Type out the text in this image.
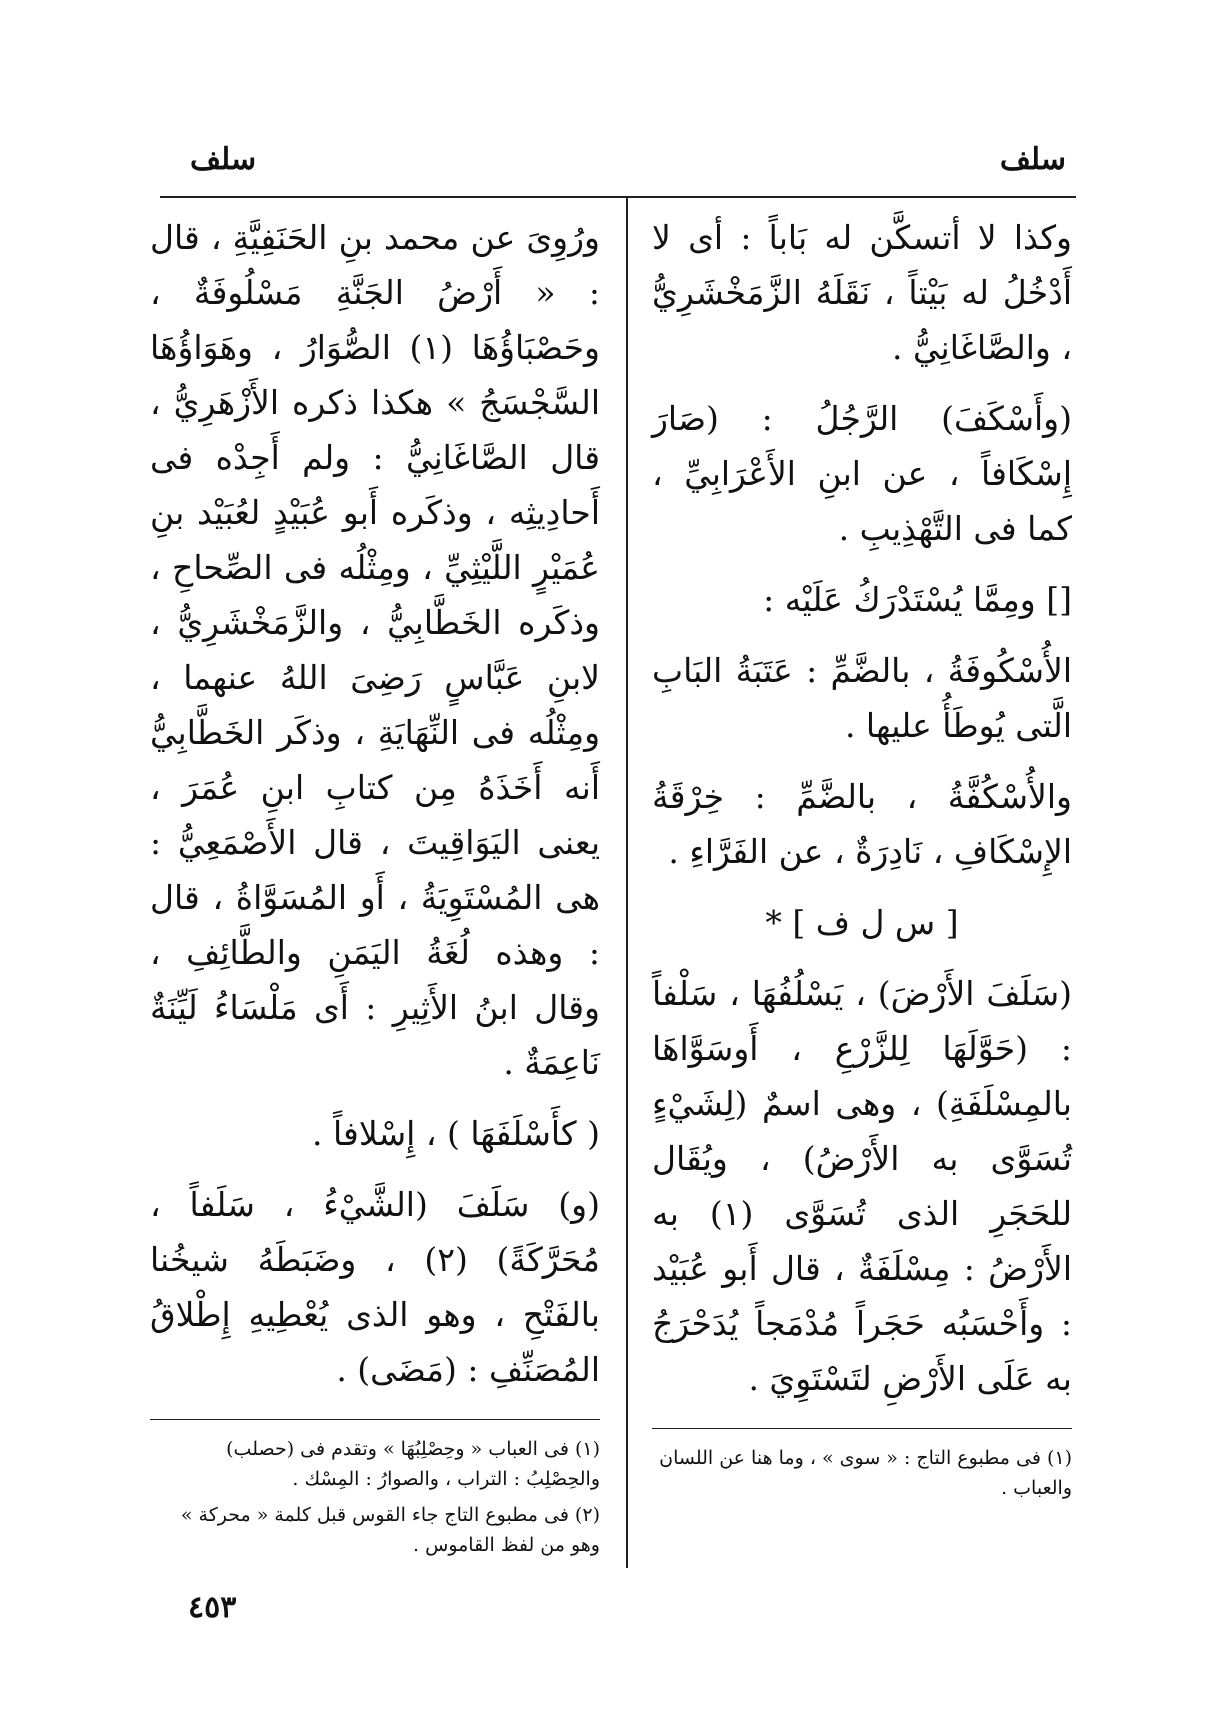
سلف
سلف

وكذا لا أتسكَّن له بَاباً : أى لا أَدْخُلُ له بَيْتاً ، نَقَلَهُ الزَّمَخْشَرِيُّ ، والصَّاغَانِيُّ .

(وأَسْكَفَ) الرَّجُلُ : (صَارَ إِسْكَافاً ، عن ابنِ الأَعْرَابِيِّ ، كما فى التَّهْذِيبِ .

[] ومِمَّا يُسْتَدْرَكُ عَلَيْه :

الأُسْكُوفَةُ ، بالضَّمِّ : عَتَبَةُ البَابِ الَّتى يُوطَأُ عليها .

والأُسْكُفَّةُ ، بالضَّمِّ : خِرْقَةُ الإِسْكَافِ ، نَادِرَةٌ ، عن الفَرَّاءِ .

[ س ل ف ] *

(سَلَفَ الأَرْضَ) ، يَسْلُفُهَا ، سَلْفاً : (حَوَّلَهَا لِلزَّرْعِ ، أَوسَوَّاهَا بالمِسْلَفَةِ) ، وهى اسمٌ (لِشَيْءٍ تُسَوَّى به الأَرْضُ) ، ويُقَال للحَجَرِ الذى تُسَوَّى (١) به الأَرْضُ : مِسْلَفَةٌ ، قال أَبو عُبَيْد : وأَحْسَبُه حَجَراً مُدْمَجاً يُدَحْرَجُ به عَلَى الأَرْضِ لتَسْتَوِيَ .

(١) فى مطبوع التاج : « سوى » ، وما هنا عن اللسان والعباب .

ورُوِىَ عن محمد بنِ الحَنَفِيَّةِ ، قال : « أَرْضُ الجَنَّةِ مَسْلُوفَةٌ ، وحَصْبَاؤُهَا (١) الصُّوَارُ ، وهَوَاؤُهَا السَّجْسَجُ » هكذا ذكره الأَزْهَرِيُّ ، قال الصَّاغَانِيُّ : ولم أَجِدْه فى أَحادِيثِه ، وذكَره أَبو عُبَيْدٍ لعُبَيْد بنِ عُمَيْرٍ اللَّيْثِيِّ ، ومِثْلُه فى الصِّحاحِ ، وذكَره الخَطَّابِيُّ ، والزَّمَخْشَرِيُّ ، لابنِ عَبَّاسٍ رَضِىَ اللهُ عنهما ، ومِثْلُه فى النِّهَايَةِ ، وذكَر الخَطَّابِيُّ أَنه أَخَذَهُ مِن كتابِ ابنِ عُمَرَ ، يعنى اليَوَاقِيتَ ، قال الأَصْمَعِيُّ : هى المُسْتَوِيَةُ ، أَو المُسَوَّاةُ ، قال : وهذه لُغَةُ اليَمَنِ والطَّائِفِ ، وقال ابنُ الأَثِيرِ : أَى مَلْسَاءُ لَيِّنَةٌ نَاعِمَةٌ .

( كأَسْلَفَهَا ) ، إِسْلافاً .

(و) سَلَفَ (الشَّيْءُ ، سَلَفاً ، مُحَرَّكَةً) (٢) ، وضَبَطَهُ شيخُنا بالفَتْحِ ، وهو الذى يُعْطِيهِ إِطْلاقُ المُصَنِّفِ : (مَضَى) .

(١) فى العباب « وحِصْلِبُهَا » وتقدم فى (حصلب) والحِصْلِبُ : التراب ، والصوارُ : المِسْك .

(٢) فى مطبوع التاج جاء القوس قبل كلمة « محركة » وهو من لفظ القاموس .

٤٥٣
